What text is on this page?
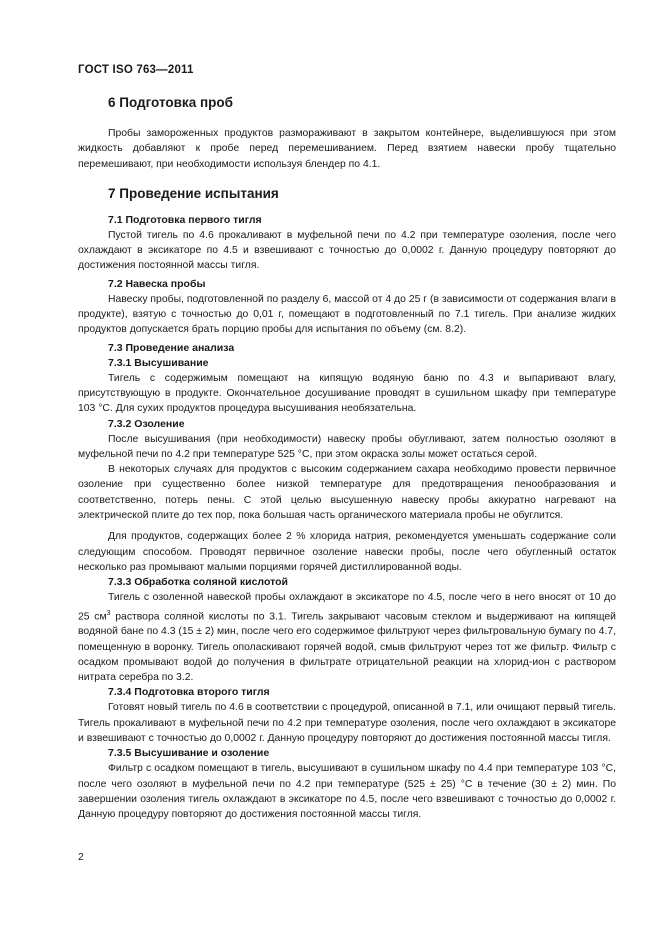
ГОСТ ISO 763—2011
6 Подготовка проб

Пробы замороженных продуктов размораживают в закрытом контейнере, выделившуюся при этом жидкость добавляют к пробе перед перемешиванием. Перед взятием навески пробу тщательно перемешивают, при необходимости используя блендер по 4.1.

7 Проведение испытания
7.1 Подготовка первого тигля

Пустой тигель по 4.6 прокаливают в муфельной печи по 4.2 при температуре озоления, после чего охлаждают в эксикаторе по 4.5 и взвешивают с точностью до 0,0002 г. Данную процедуру повторяют до достижения постоянной массы тигля.

7.2 Навеска пробы

Навеску пробы, подготовленной по разделу 6, массой от 4 до 25 г (в зависимости от содержания влаги в продукте), взятую с точностью до 0,01 г, помещают в подготовленный по 7.1 тигель. При анализе жидких продуктов допускается брать порцию пробы для испытания по объему (см. 8.2).

7.3 Проведение анализа
7.3.1 Высушивание

Тигель с содержимым помещают на кипящую водяную баню по 4.3 и выпаривают влагу, присутствующую в продукте. Окончательное досушивание проводят в сушильном шкафу при температуре 103 °С. Для сухих продуктов процедура высушивания необязательна.

7.3.2 Озоление

После высушивания (при необходимости) навеску пробы обугливают, затем полностью озоляют в муфельной печи по 4.2 при температуре 525 °С, при этом окраска золы может остаться серой.

В некоторых случаях для продуктов с высоким содержанием сахара необходимо провести первичное озоление при существенно более низкой температуре для предотвращения пенообразования и соответственно, потерь пены. С этой целью высушенную навеску пробы аккуратно нагревают на электрической плите до тех пор, пока большая часть органического материала пробы не обуглится.

Для продуктов, содержащих более 2 % хлорида натрия, рекомендуется уменьшать содержание соли следующим способом. Проводят первичное озоление навески пробы, после чего обугленный остаток несколько раз промывают малыми порциями горячей дистиллированной воды.

7.3.3 Обработка соляной кислотой

Тигель с озоленной навеской пробы охлаждают в эксикаторе по 4.5, после чего в него вносят от 10 до 25 $см^3$ раствора соляной кислоты по 3.1. Тигель закрывают часовым стеклом и выдерживают на кипящей водяной бане по 4.3 (15 ± 2) мин, после чего его содержимое фильтруют через фильтровальную бумагу по 4.7, помещенную в воронку. Тигель ополаскивают горячей водой, смыв фильтруют через тот же фильтр. Фильтр с осадком промывают водой до получения в фильтрате отрицательной реакции на хлорид-ион с раствором нитрата серебра по 3.2.

7.3.4 Подготовка второго тигля

Готовят новый тигель по 4.6 в соответствии с процедурой, описанной в 7.1, или очищают первый тигель. Тигель прокаливают в муфельной печи по 4.2 при температуре озоления, после чего охлаждают в эксикаторе и взвешивают с точностью до 0,0002 г. Данную процедуру повторяют до достижения постоянной массы тигля.

7.3.5 Высушивание и озоление

Фильтр с осадком помещают в тигель, высушивают в сушильном шкафу по 4.4 при температуре 103 °С, после чего озоляют в муфельной печи по 4.2 при температуре (525 ± 25) °С в течение (30 ± 2) мин. По завершении озоления тигель охлаждают в эксикаторе по 4.5, после чего взвешивают с точностью до 0,0002 г. Данную процедуру повторяют до достижения постоянной массы тигля.

2
